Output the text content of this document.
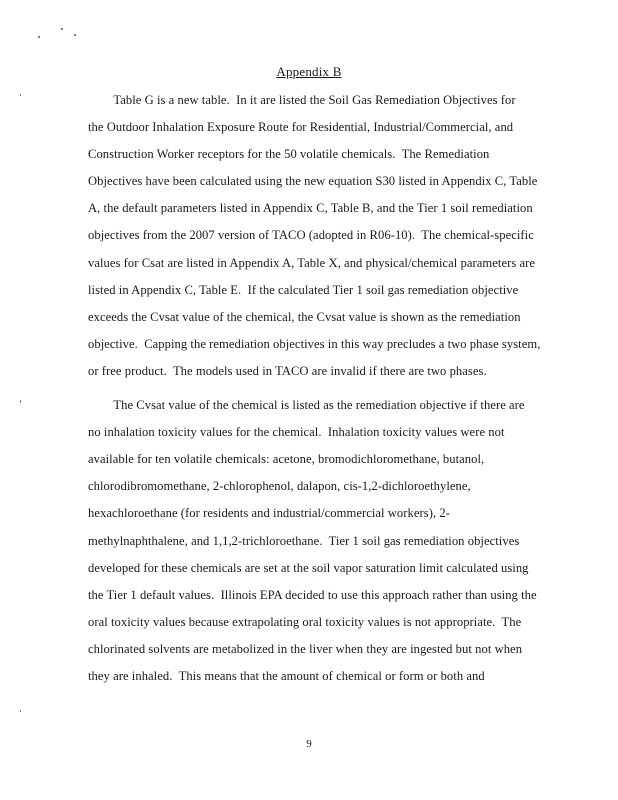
Appendix B
Table G is a new table.  In it are listed the Soil Gas Remediation Objectives for
the Outdoor Inhalation Exposure Route for Residential, Industrial/Commercial, and
Construction Worker receptors for the 50 volatile chemicals.  The Remediation
Objectives have been calculated using the new equation S30 listed in Appendix C, Table
A, the default parameters listed in Appendix C, Table B, and the Tier 1 soil remediation
objectives from the 2007 version of TACO (adopted in R06-10).  The chemical-specific
values for Csat are listed in Appendix A, Table X, and physical/chemical parameters are
listed in Appendix C, Table E.  If the calculated Tier 1 soil gas remediation objective
exceeds the Cvsat value of the chemical, the Cvsat value is shown as the remediation
objective.  Capping the remediation objectives in this way precludes a two phase system,
or free product.  The models used in TACO are invalid if there are two phases.
The Cvsat value of the chemical is listed as the remediation objective if there are
no inhalation toxicity values for the chemical.  Inhalation toxicity values were not
available for ten volatile chemicals: acetone, bromodichloromethane, butanol,
chlorodibromomethane, 2-chlorophenol, dalapon, cis-1,2-dichloroethylene,
hexachloroethane (for residents and industrial/commercial workers), 2-
methylnaphthalene, and 1,1,2-trichloroethane.  Tier 1 soil gas remediation objectives
developed for these chemicals are set at the soil vapor saturation limit calculated using
the Tier 1 default values.  Illinois EPA decided to use this approach rather than using the
oral toxicity values because extrapolating oral toxicity values is not appropriate.  The
chlorinated solvents are metabolized in the liver when they are ingested but not when
they are inhaled.  This means that the amount of chemical or form or both and
9
